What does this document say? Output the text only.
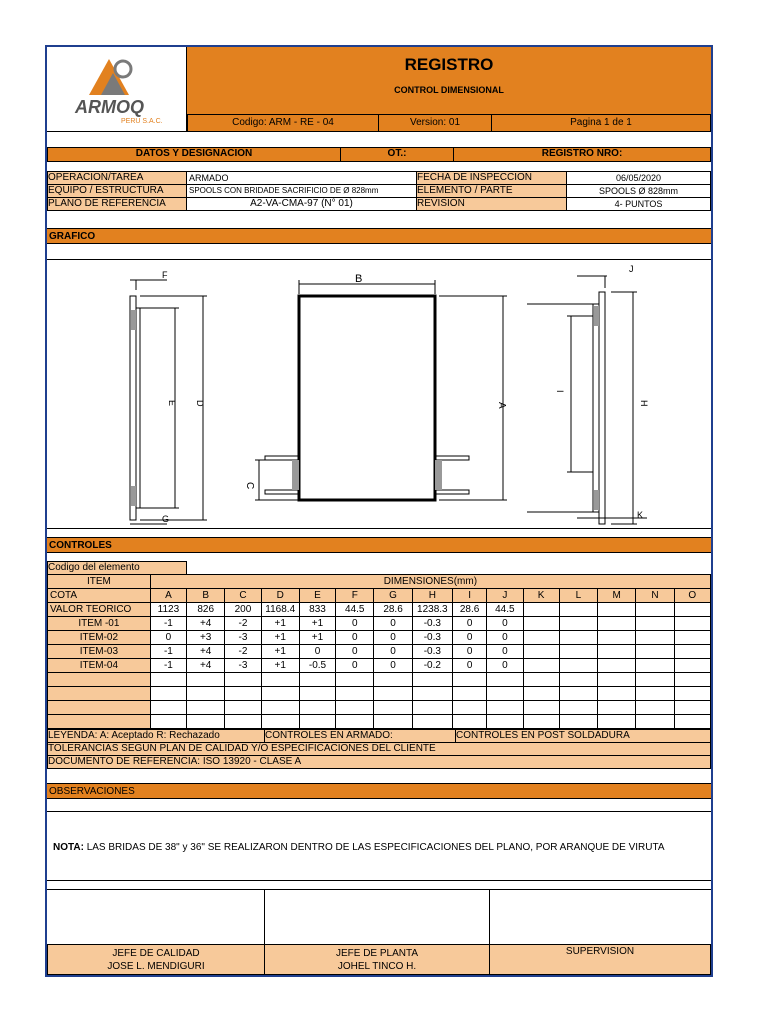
ARMOQ
PERU S.A.C.
REGISTRO
CONTROL DIMENSIONAL
Codigo: ARM - RE - 04	Version: 01	Pagina 1 de 1
DATOS Y DESIGNACION	OT.:	REGISTRO NRO:
OPERACION/TAREA	ARMADO	FECHA DE INSPECCION	06/05/2020
EQUIPO / ESTRUCTURA	SPOOLS CON BRIDADE SACRIFICIO DE Ø 828mm	ELEMENTO / PARTE	SPOOLS Ø 828mm
PLANO DE REFERENCIA	A2-VA-CMA-97 (N° 01)	REVISION	4- PUNTOS
GRAFICO
F
G
E D
B
C
A
J
K
I
H
CONTROLES
Codigo del elemento
ITEM	DIMENSIONES(mm)														
COTA	A	B	C	D	E	F	G	H	I	J	K	L	M	N	O
VALOR TEORICO	1123	826	200	1168.4	833	44.5	28.6	1238.3	28.6	44.5					
ITEM -01	-1	+4	-2	+1	+1	0	0	-0.3	0	0					
ITEM-02	0	+3	-3	+1	+1	0	0	-0.3	0	0					
ITEM-03	-1	+4	-2	+1	0	0	0	-0.3	0	0					
ITEM-04	-1	+4	-3	+1	-0.5	0	0	-0.2	0	0					

LEYENDA: A: Aceptado R: Rechazado	CONTROLES EN ARMADO:	CONTROLES EN POST SOLDADURA
TOLERANCIAS SEGUN PLAN DE CALIDAD Y/O ESPECIFICACIONES DEL CLIENTE
DOCUMENTO DE REFERENCIA: ISO 13920 - CLASE A
OBSERVACIONES
NOTA: LAS BRIDAS DE 38" y 36" SE REALIZARON DENTRO DE LAS ESPECIFICACIONES DEL PLANO, POR ARANQUE DE VIRUTA
JEFE DE CALIDAD
JOSE L. MENDIGURI
JEFE DE PLANTA
JOHEL TINCO H.
SUPERVISION
